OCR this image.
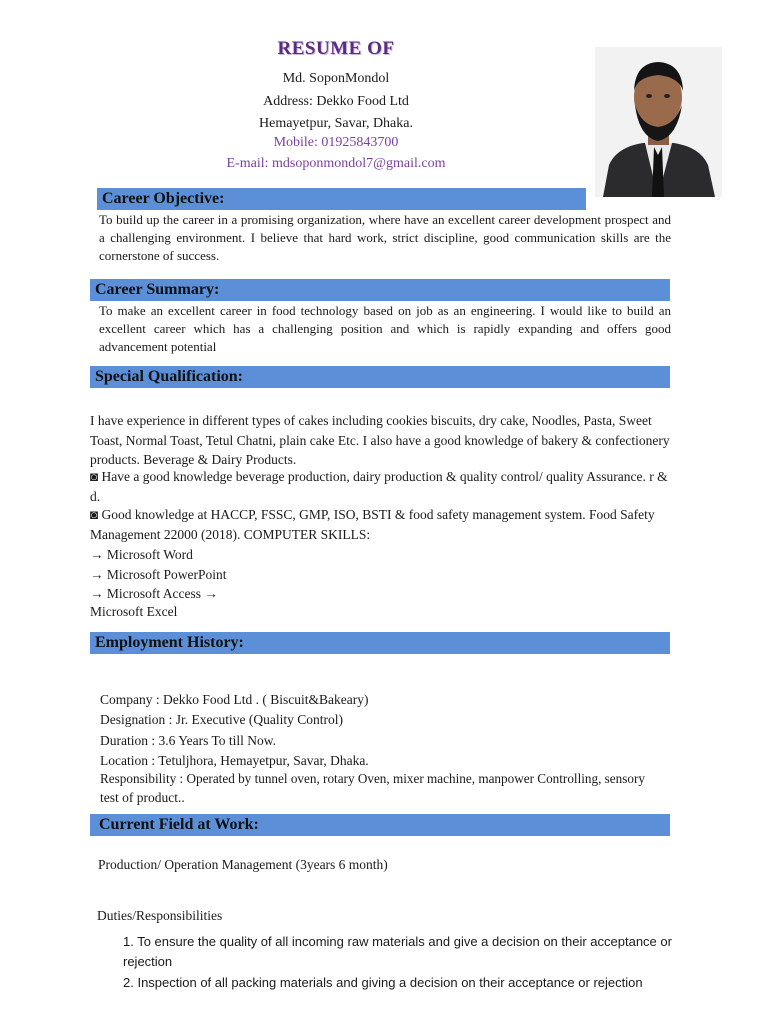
RESUME OF
Md. SoponMondol
Address: Dekko Food Ltd
Hemayetpur, Savar, Dhaka.
Mobile: 01925843700
E-mail: mdsoponmondol7@gmail.com
Career Objective:
To build up the career in a promising organization, where have an excellent career development prospect and a challenging environment. I believe that hard work, strict discipline, good communication skills are the cornerstone of success.
Career Summary:
To make an excellent career in food technology based on job as an engineering. I would like to build an excellent career which has a challenging position and which is rapidly expanding and offers good advancement potential
Special Qualification:
I have experience in different types of cakes including cookies biscuits, dry cake, Noodles, Pasta, Sweet Toast, Normal Toast, Tetul Chatni, plain cake Etc. I also have a good knowledge of bakery & confectionery products. Beverage & Dairy Products.
◙ Have a good knowledge beverage production, dairy production & quality control/ quality Assurance. r & d.
◙ Good knowledge at HACCP, FSSC, GMP, ISO, BSTI & food safety management system. Food Safety Management 22000 (2018). COMPUTER SKILLS:
→ Microsoft Word
→ Microsoft PowerPoint
→ Microsoft Access →
Microsoft Excel
Employment History:
Company : Dekko Food Ltd . ( Biscuit&Bakeary)
Designation : Jr. Executive (Quality Control)
Duration : 3.6 Years To till Now.
Location : Tetuljhora, Hemayetpur, Savar, Dhaka.
Responsibility : Operated by tunnel oven, rotary Oven, mixer machine, manpower Controlling, sensory
test of product..
Current Field at Work:
Production/ Operation Management (3years 6 month)
Duties/Responsibilities
1. To ensure the quality of all incoming raw materials and give a decision on their acceptance or
rejection
2. Inspection of all packing materials and giving a decision on their acceptance or rejection
